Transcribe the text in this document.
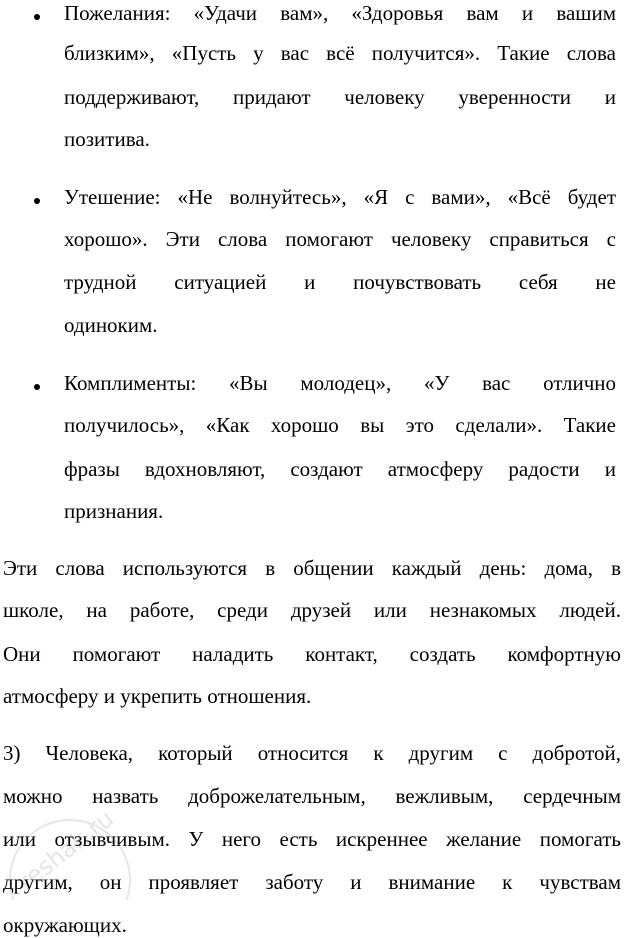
Пожелания: «Удачи вам», «Здоровья вам и вашим
близким», «Пусть у вас всё получится». Такие слова
поддерживают, придают человеку уверенности и
позитива.
Утешение: «Не волнуйтесь», «Я с вами», «Всё будет
хорошо». Эти слова помогают человеку справиться с
трудной ситуацией и почувствовать себя не
одиноким.
Комплименты: «Вы молодец», «У вас отлично
получилось», «Как хорошо вы это сделали». Такие
фразы вдохновляют, создают атмосферу радости и
признания.
Эти слова используются в общении каждый день: дома, в
школе, на работе, среди друзей или незнакомых людей.
Они помогают наладить контакт, создать комфортную
атмосферу и укрепить отношения.
3) Человека, который относится к другим с добротой,
можно назвать доброжелательным, вежливым, сердечным
или отзывчивым. У него есть искреннее желание помогать
другим, он проявляет заботу и внимание к чувствам
окружающих.
reshak.ru
